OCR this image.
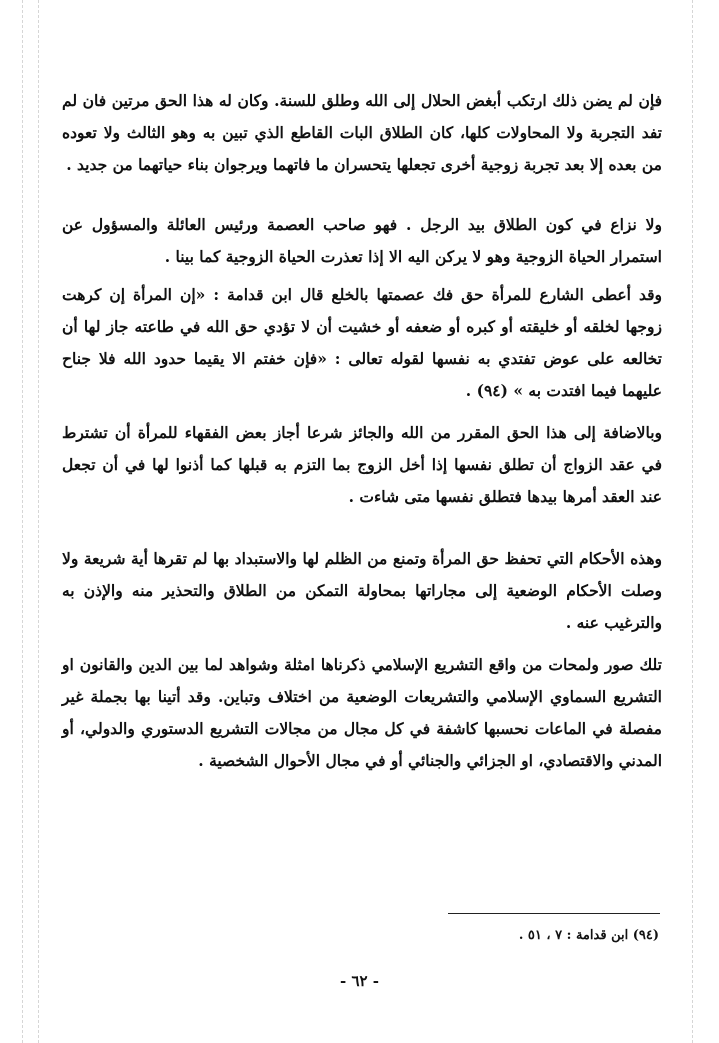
فإن لم يضن ذلك ارتكب أبغض الحلال إلى الله وطلق للسنة. وكان له هذا الحق مرتين فان لم تفد التجربة ولا المحاولات كلها، كان الطلاق البات القاطع الذي تبين به وهو الثالث ولا تعوده من بعده إلا بعد تجربة زوجية أخرى تجعلها يتحسران ما فاتهما ويرجوان بناء حياتهما من جديد .

ولا نزاع في كون الطلاق بيد الرجل . فهو صاحب العصمة ورئيس العائلة والمسؤول عن استمرار الحياة الزوجية وهو لا يركن اليه الا إذا تعذرت الحياة الزوجية كما بينا .

وقد أعطى الشارع للمرأة حق فك عصمتها بالخلع قال ابن قدامة : «إن المرأة إن كرهت زوجها لخلقه أو خليقته أو كبره أو ضعفه أو خشيت أن لا تؤدي حق الله في طاعته جاز لها أن تخالعه على عوض تفتدي به نفسها لقوله تعالى : «فإن خفتم الا يقيما حدود الله فلا جناح عليهما فيما افتدت به » (٩٤) .

وبالاضافة إلى هذا الحق المقرر من الله والجائز شرعا أجاز بعض الفقهاء للمرأة أن تشترط في عقد الزواج أن تطلق نفسها إذا أخل الزوج بما التزم به قبلها كما أذنوا لها في أن تجعل عند العقد أمرها بيدها فتطلق نفسها متى شاءت .

وهذه الأحكام التي تحفظ حق المرأة وتمنع من الظلم لها والاستبداد بها لم تقرها أية شريعة ولا وصلت الأحكام الوضعية إلى مجاراتها بمحاولة التمكن من الطلاق والتحذير منه والإذن به والترغيب عنه .

تلك صور ولمحات من واقع التشريع الإسلامي ذكرناها امثلة وشواهد لما بين الدين والقانون او التشريع السماوي الإسلامي والتشريعات الوضعية من اختلاف وتباين. وقد أتينا بها بجملة غير مفصلة في الماعات نحسبها كاشفة في كل مجال من مجالات التشريع الدستوري والدولي، أو المدني والاقتصادي، او الجزائي والجنائي أو في مجال الأحوال الشخصية .

(٩٤) ابن قدامة : ٧ ، ٥١ .
- ٦٢ -
